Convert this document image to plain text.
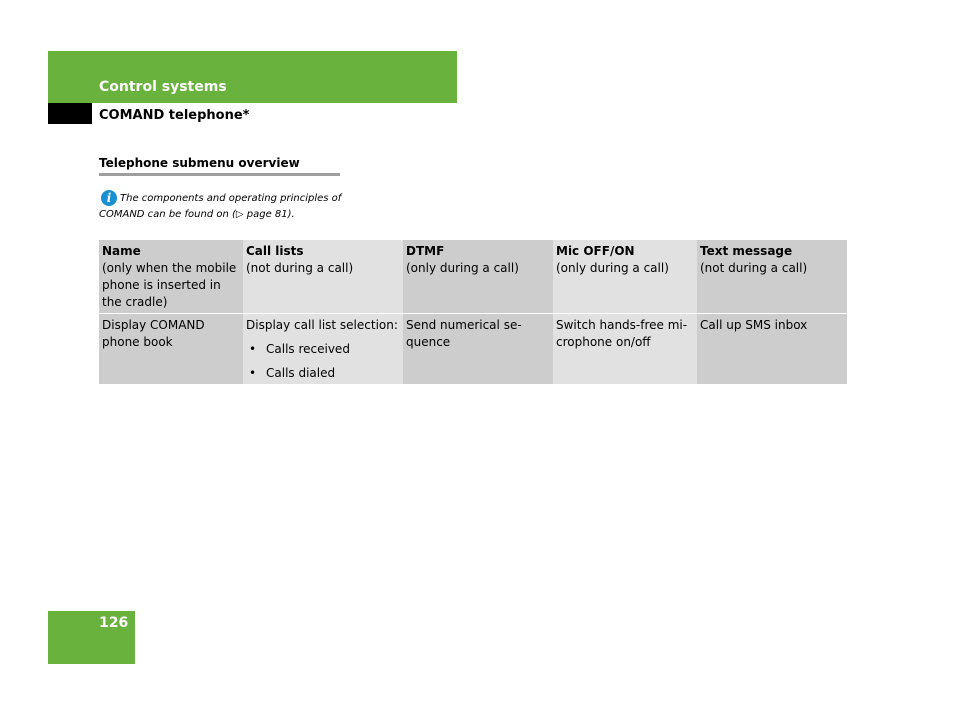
Control systems
COMAND telephone*
Telephone submenu overview
i The components and operating principles of COMAND can be found on (▷ page 81).
Name
(only when the mobile phone is inserted in the cradle)
Call lists
(not during a call)
DTMF
(only during a call)
Mic OFF/ON
(only during a call)
Text message
(not during a call)
Display COMAND phone book
Display call list selection:
• Calls received
• Calls dialed
Send numerical se-quence
Switch hands-free mi-crophone on/off
Call up SMS inbox
126
